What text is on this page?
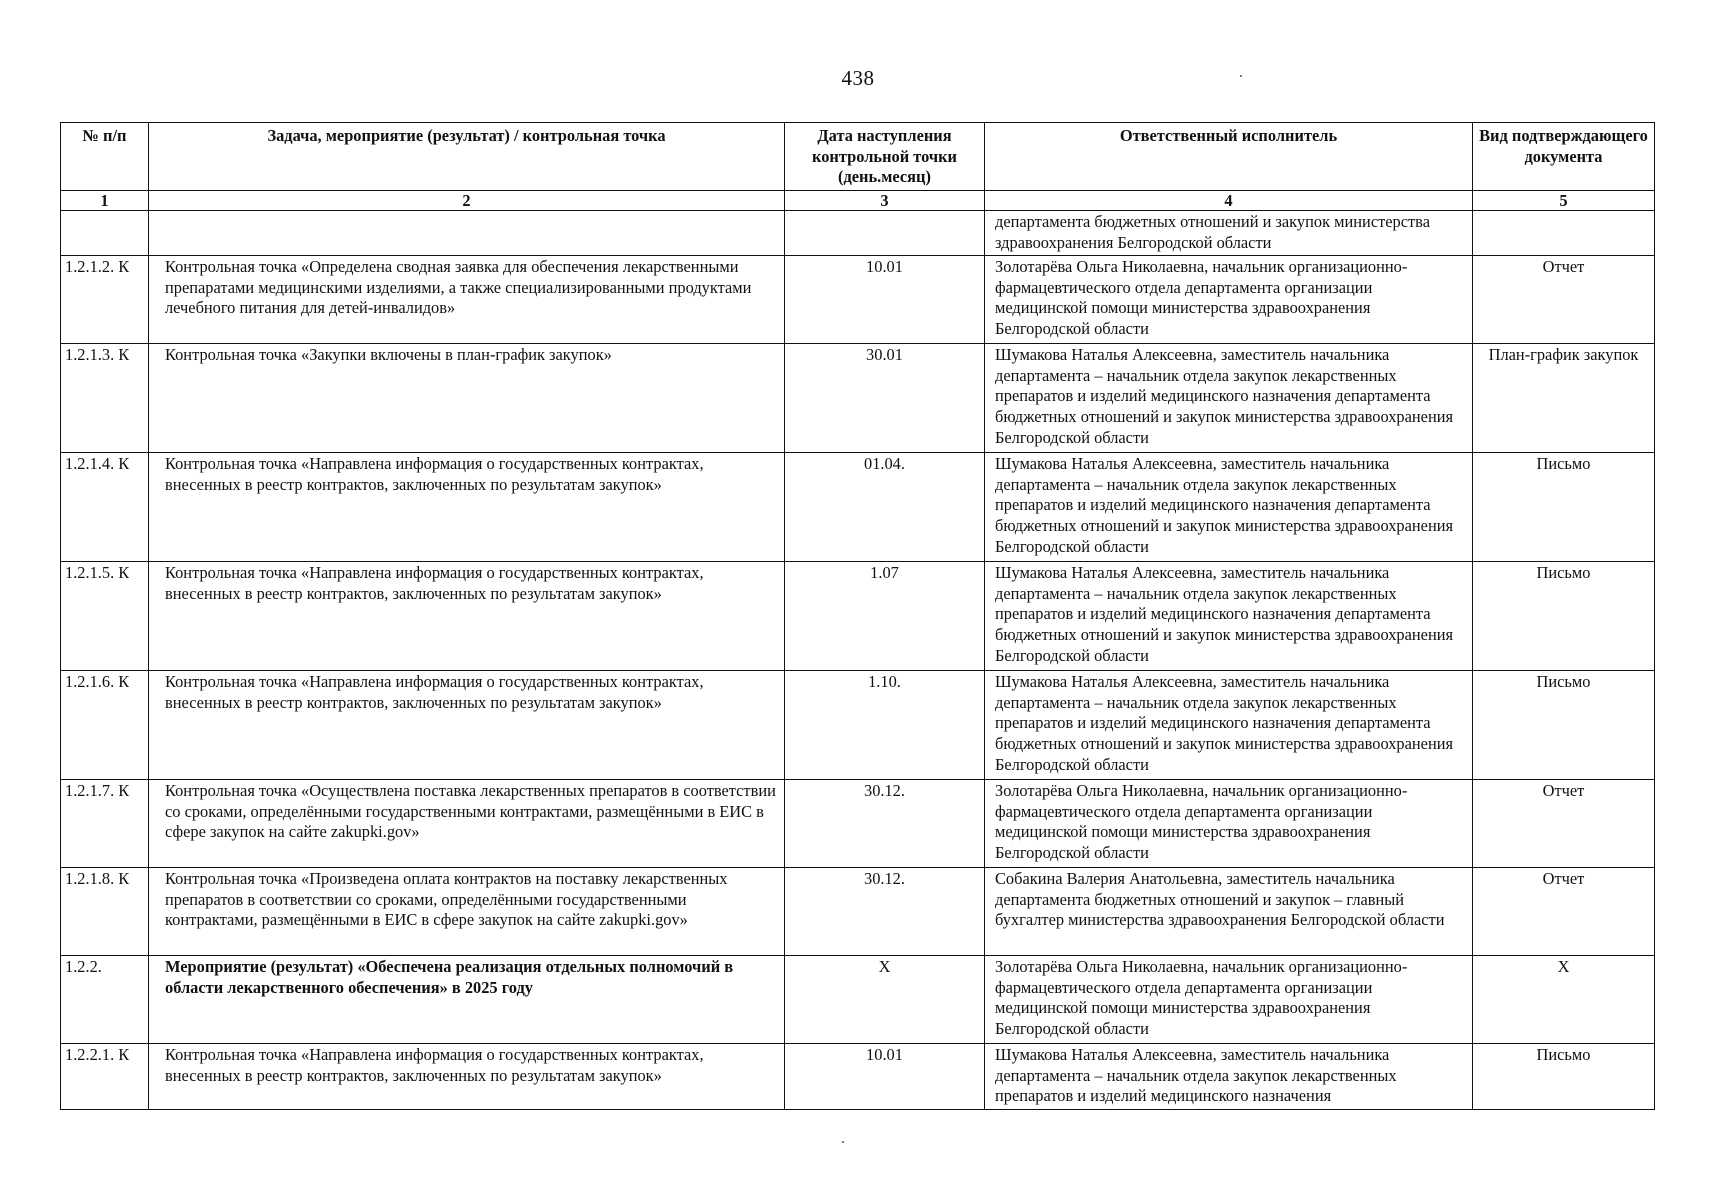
438
№ п/п	Задача, мероприятие (результат) / контрольная точка	Дата наступления контрольной точки (день.месяц)	Ответственный исполнитель	Вид подтверждающего документа
1	2	3	4	5
			департамента бюджетных отношений и закупок министерства здравоохранения Белгородской области	
1.2.1.2. К	Контрольная точка «Определена сводная заявка для обеспечения лекарственными препаратами медицинскими изделиями, а также специализированными продуктами лечебного питания для детей-инвалидов»	10.01	Золотарёва Ольга Николаевна, начальник организационно-фармацевтического отдела департамента организации медицинской помощи министерства здравоохранения Белгородской области	Отчет
1.2.1.3. К	Контрольная точка «Закупки включены в план-график закупок»	30.01	Шумакова Наталья Алексеевна, заместитель начальника департамента – начальник отдела закупок лекарственных препаратов и изделий медицинского назначения департамента бюджетных отношений и закупок министерства здравоохранения Белгородской области	План-график закупок
1.2.1.4. К	Контрольная точка «Направлена информация о государственных контрактах, внесенных в реестр контрактов, заключенных по результатам закупок»	01.04.	Шумакова Наталья Алексеевна, заместитель начальника департамента – начальник отдела закупок лекарственных препаратов и изделий медицинского назначения департамента бюджетных отношений и закупок министерства здравоохранения Белгородской области	Письмо
1.2.1.5. К	Контрольная точка «Направлена информация о государственных контрактах, внесенных в реестр контрактов, заключенных по результатам закупок»	1.07	Шумакова Наталья Алексеевна, заместитель начальника департамента – начальник отдела закупок лекарственных препаратов и изделий медицинского назначения департамента бюджетных отношений и закупок министерства здравоохранения Белгородской области	Письмо
1.2.1.6. К	Контрольная точка «Направлена информация о государственных контрактах, внесенных в реестр контрактов, заключенных по результатам закупок»	1.10.	Шумакова Наталья Алексеевна, заместитель начальника департамента – начальник отдела закупок лекарственных препаратов и изделий медицинского назначения департамента бюджетных отношений и закупок министерства здравоохранения Белгородской области	Письмо
1.2.1.7. К	Контрольная точка «Осуществлена поставка лекарственных препаратов в соответствии со сроками, определёнными государственными контрактами, размещёнными в ЕИС в сфере закупок на сайте zakupki.gov»	30.12.	Золотарёва Ольга Николаевна, начальник организационно-фармацевтического отдела департамента организации медицинской помощи министерства здравоохранения Белгородской области	Отчет
1.2.1.8. К	Контрольная точка «Произведена оплата контрактов на поставку лекарственных препаратов в соответствии со сроками, определёнными государственными контрактами, размещёнными в ЕИС в сфере закупок на сайте zakupki.gov»	30.12.	Собакина Валерия Анатольевна, заместитель начальника департамента бюджетных отношений и закупок – главный бухгалтер министерства здравоохранения Белгородской области	Отчет
1.2.2.	Мероприятие (результат) «Обеспечена реализация отдельных полномочий в области лекарственного обеспечения» в 2025 году	Х	Золотарёва Ольга Николаевна, начальник организационно-фармацевтического отдела департамента организации медицинской помощи министерства здравоохранения Белгородской области	Х
1.2.2.1. К	Контрольная точка «Направлена информация о государственных контрактах, внесенных в реестр контрактов, заключенных по результатам закупок»	10.01	Шумакова Наталья Алексеевна, заместитель начальника департамента – начальник отдела закупок лекарственных препаратов и изделий медицинского назначения	Письмо
